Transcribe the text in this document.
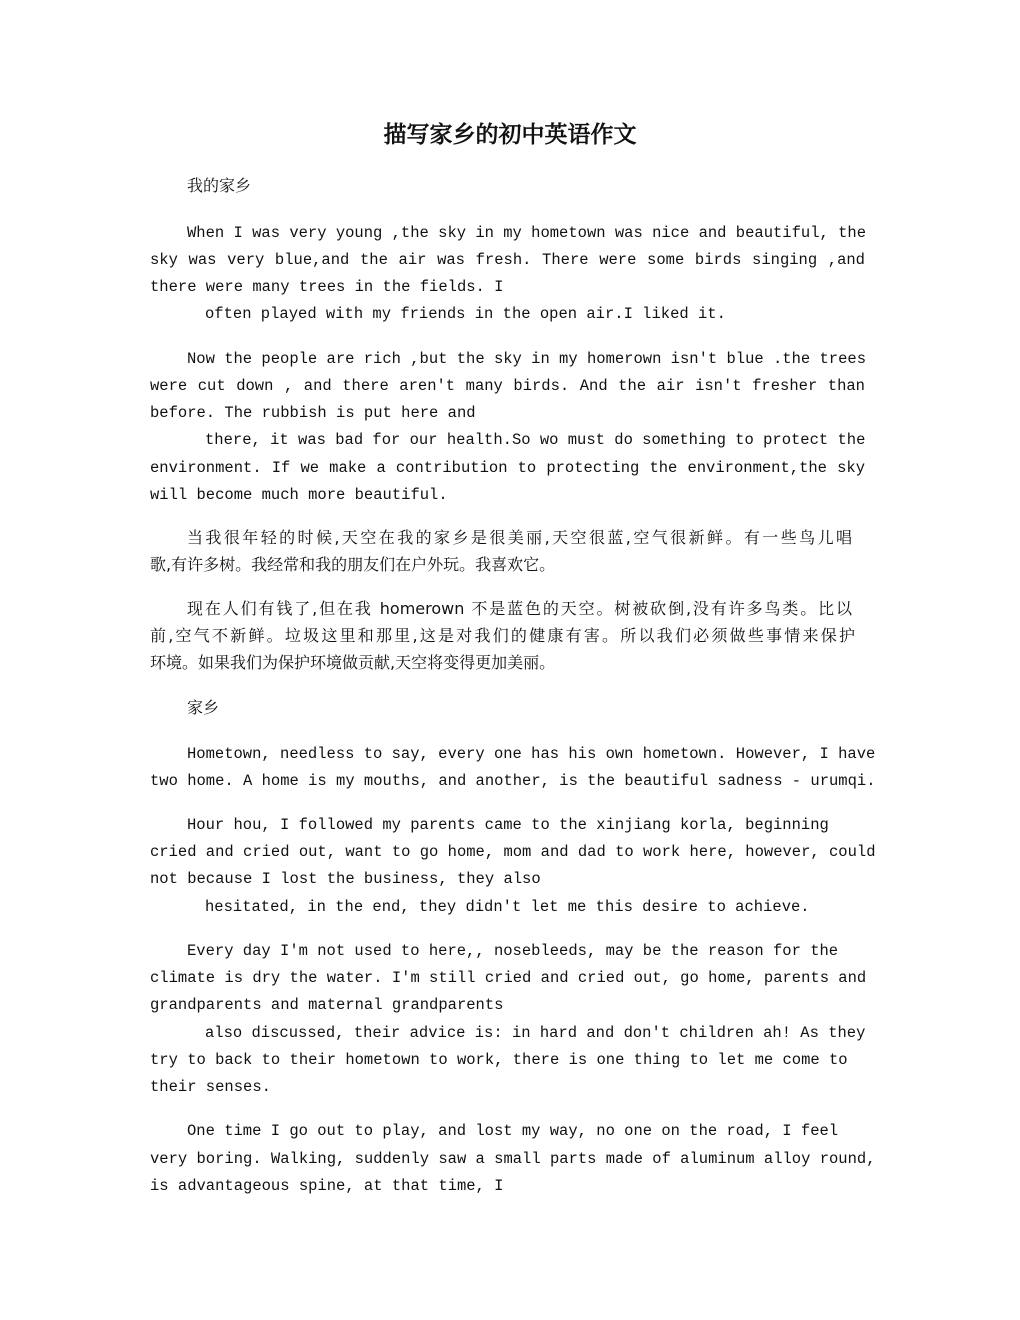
描写家乡的初中英语作文
我的家乡
When I was very young ,the sky in my hometown was nice and beautiful, the
sky was very blue,and the air was fresh. There were some birds singing ,and
there were many trees in the fields. I
often played with my friends in the open air.I liked it.
Now the people are rich ,but the sky in my homerown isn't blue .the trees
were cut down , and there aren't many birds. And the air isn't fresher than
before. The rubbish is put here and
there, it was bad for our health.So wo must do something to protect the
environment. If we make a contribution to protecting the environment,the sky
will become much more beautiful.
当我很年轻的时候,天空在我的家乡是很美丽,天空很蓝,空气很新鲜。有一些鸟儿唱
歌,有许多树。我经常和我的朋友们在户外玩。我喜欢它。
现在人们有钱了,但在我 homerown 不是蓝色的天空。树被砍倒,没有许多鸟类。比以
前,空气不新鲜。垃圾这里和那里,这是对我们的健康有害。所以我们必须做些事情来保护
环境。如果我们为保护环境做贡献,天空将变得更加美丽。
家乡
Hometown, needless to say, every one has his own hometown. However, I have
two home. A home is my mouths, and another, is the beautiful sadness - urumqi.
Hour hou, I followed my parents came to the xinjiang korla, beginning
cried and cried out, want to go home, mom and dad to work here, however, could
not because I lost the business, they also
hesitated, in the end, they didn't let me this desire to achieve.
Every day I'm not used to here,, nosebleeds, may be the reason for the
climate is dry the water. I'm still cried and cried out, go home, parents and
grandparents and maternal grandparents
also discussed, their advice is: in hard and don't children ah! As they
try to back to their hometown to work, there is one thing to let me come to
their senses.
One time I go out to play, and lost my way, no one on the road, I feel
very boring. Walking, suddenly saw a small parts made of aluminum alloy round,
is advantageous spine, at that time, I
